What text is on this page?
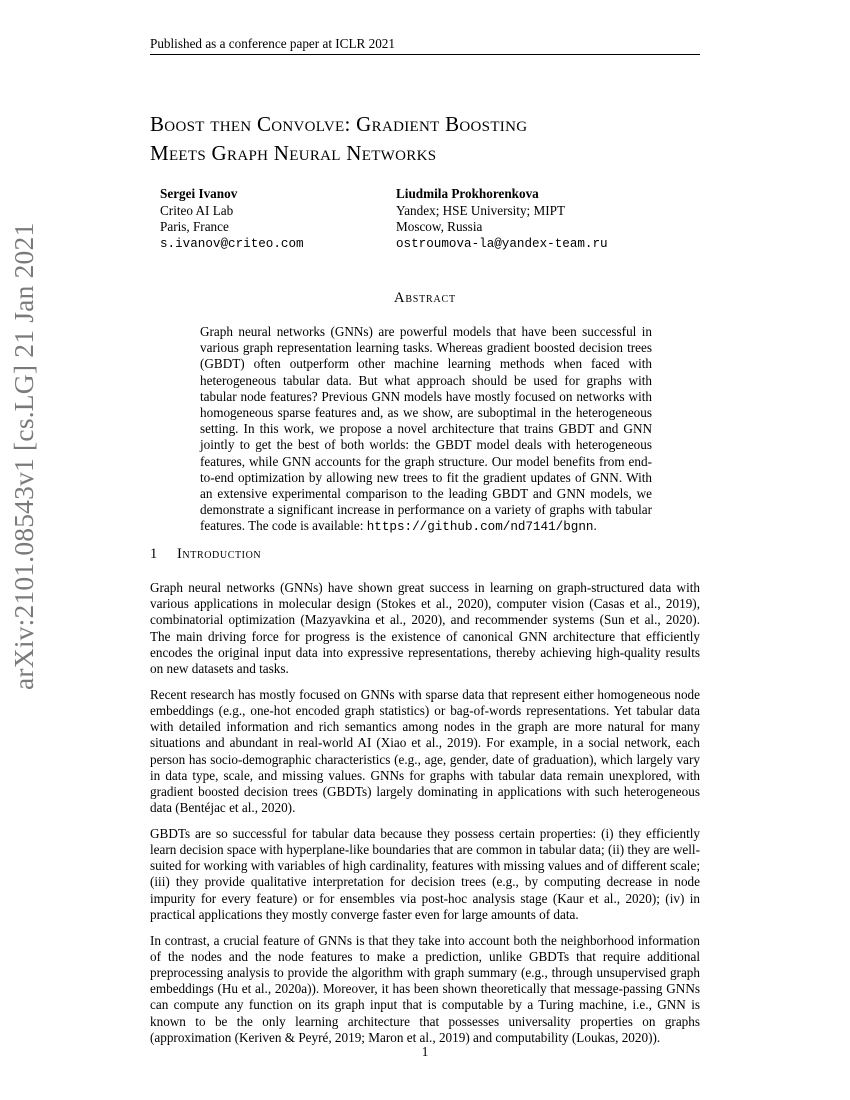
Published as a conference paper at ICLR 2021
arXiv:2101.08543v1 [cs.LG] 21 Jan 2021
Boost then Convolve: Gradient Boosting
Meets Graph Neural Networks
Sergei Ivanov
Criteo AI Lab
Paris, France
s.ivanov@criteo.com
Liudmila Prokhorenkova
Yandex; HSE University; MIPT
Moscow, Russia
ostroumova-la@yandex-team.ru
Abstract
Graph neural networks (GNNs) are powerful models that have been successful in various graph representation learning tasks. Whereas gradient boosted decision trees (GBDT) often outperform other machine learning methods when faced with heterogeneous tabular data. But what approach should be used for graphs with tabular node features? Previous GNN models have mostly focused on networks with homogeneous sparse features and, as we show, are suboptimal in the heterogeneous setting. In this work, we propose a novel architecture that trains GBDT and GNN jointly to get the best of both worlds: the GBDT model deals with heterogeneous features, while GNN accounts for the graph structure. Our model benefits from end-to-end optimization by allowing new trees to fit the gradient updates of GNN. With an extensive experimental comparison to the leading GBDT and GNN models, we demonstrate a significant increase in performance on a variety of graphs with tabular features. The code is available: https://github.com/nd7141/bgnn.
1 Introduction

Graph neural networks (GNNs) have shown great success in learning on graph-structured data with various applications in molecular design (Stokes et al., 2020), computer vision (Casas et al., 2019), combinatorial optimization (Mazyavkina et al., 2020), and recommender systems (Sun et al., 2020). The main driving force for progress is the existence of canonical GNN architecture that efficiently encodes the original input data into expressive representations, thereby achieving high-quality results on new datasets and tasks.

Recent research has mostly focused on GNNs with sparse data that represent either homogeneous node embeddings (e.g., one-hot encoded graph statistics) or bag-of-words representations. Yet tabular data with detailed information and rich semantics among nodes in the graph are more natural for many situations and abundant in real-world AI (Xiao et al., 2019). For example, in a social network, each person has socio-demographic characteristics (e.g., age, gender, date of graduation), which largely vary in data type, scale, and missing values. GNNs for graphs with tabular data remain unexplored, with gradient boosted decision trees (GBDTs) largely dominating in applications with such heterogeneous data (Bentéjac et al., 2020).

GBDTs are so successful for tabular data because they possess certain properties: (i) they efficiently learn decision space with hyperplane-like boundaries that are common in tabular data; (ii) they are well-suited for working with variables of high cardinality, features with missing values and of different scale; (iii) they provide qualitative interpretation for decision trees (e.g., by computing decrease in node impurity for every feature) or for ensembles via post-hoc analysis stage (Kaur et al., 2020); (iv) in practical applications they mostly converge faster even for large amounts of data.

In contrast, a crucial feature of GNNs is that they take into account both the neighborhood information of the nodes and the node features to make a prediction, unlike GBDTs that require additional preprocessing analysis to provide the algorithm with graph summary (e.g., through unsupervised graph embeddings (Hu et al., 2020a)). Moreover, it has been shown theoretically that message-passing GNNs can compute any function on its graph input that is computable by a Turing machine, i.e., GNN is known to be the only learning architecture that possesses universality properties on graphs (approximation (Keriven & Peyré, 2019; Maron et al., 2019) and computability (Loukas, 2020)).

1
